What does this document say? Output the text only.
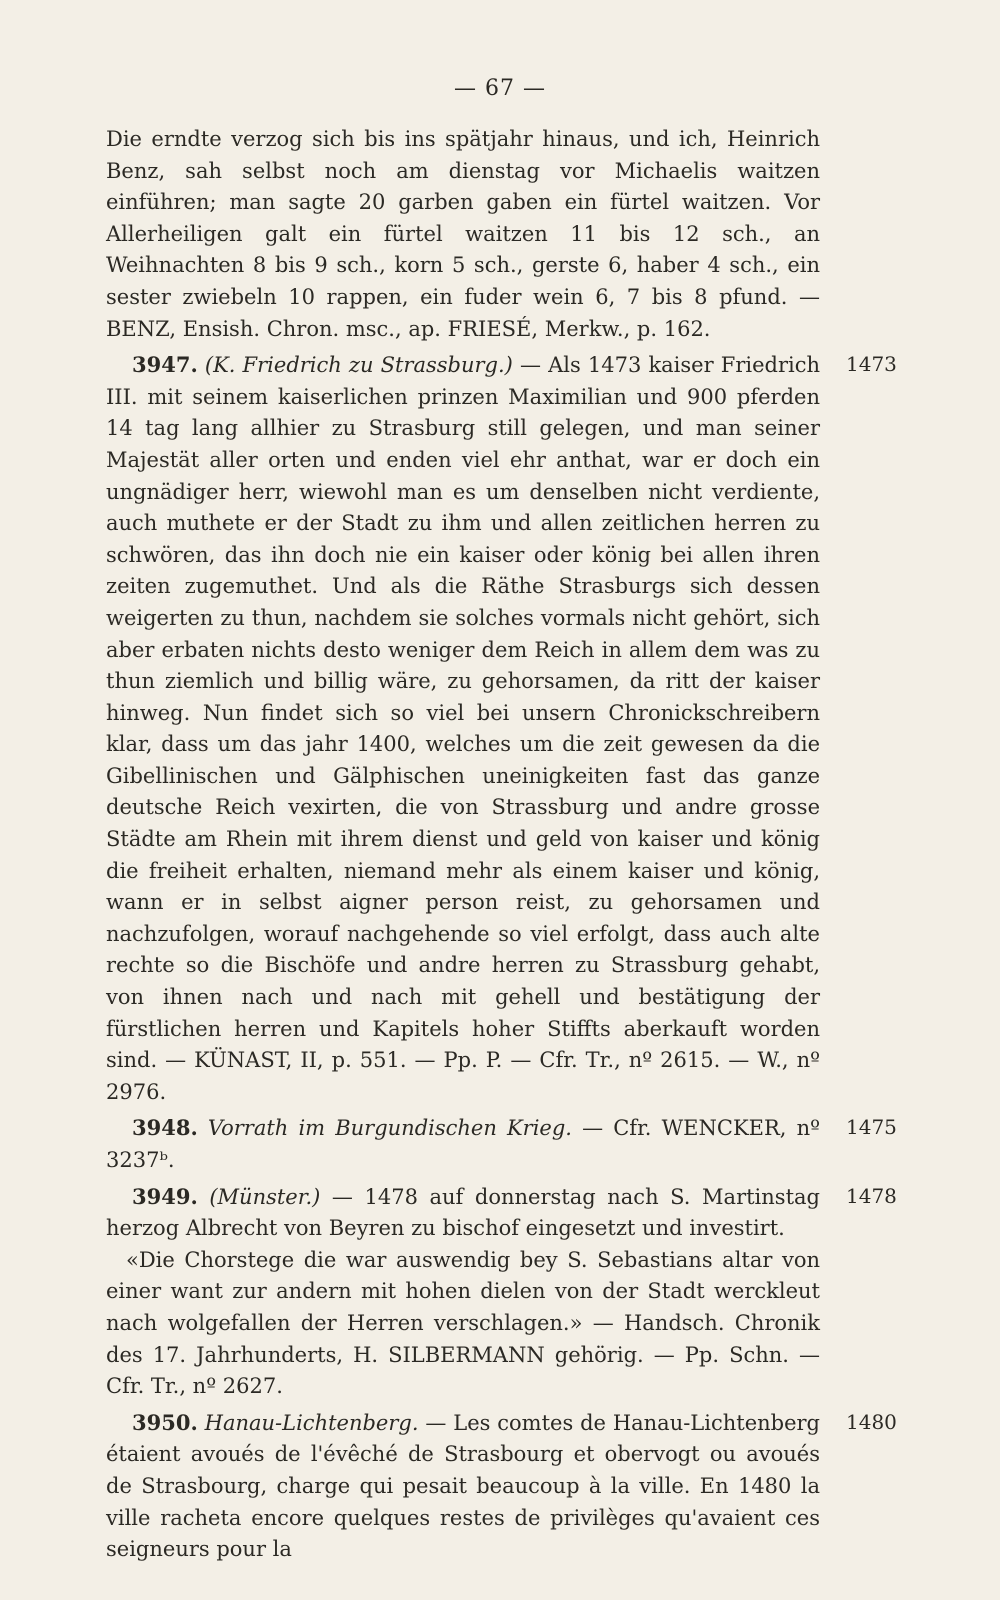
— 67 —

Die erndte verzog sich bis ins spätjahr hinaus, und ich, Heinrich Benz, sah selbst noch am dienstag vor Michaelis waitzen einführen; man sagte 20 garben gaben ein fürtel waitzen. Vor Allerheiligen galt ein fürtel waitzen 11 bis 12 sch., an Weihnachten 8 bis 9 sch., korn 5 sch., gerste 6, haber 4 sch., ein sester zwiebeln 10 rappen, ein fuder wein 6, 7 bis 8 pfund. — BENZ, Ensish. Chron. msc., ap. FRIESÉ, Merkw., p. 162.

1473

3947. (K. Friedrich zu Strassburg.) — Als 1473 kaiser Friedrich III. mit seinem kaiserlichen prinzen Maximilian und 900 pferden 14 tag lang allhier zu Strasburg still gelegen, und man seiner Majestät aller orten und enden viel ehr anthat, war er doch ein ungnädiger herr, wiewohl man es um denselben nicht verdiente, auch muthete er der Stadt zu ihm und allen zeitlichen herren zu schwören, das ihn doch nie ein kaiser oder könig bei allen ihren zeiten zugemuthet. Und als die Räthe Strasburgs sich dessen weigerten zu thun, nachdem sie solches vormals nicht gehört, sich aber erbaten nichts desto weniger dem Reich in allem dem was zu thun ziemlich und billig wäre, zu gehorsamen, da ritt der kaiser hinweg. Nun findet sich so viel bei unsern Chronickschreibern klar, dass um das jahr 1400, welches um die zeit gewesen da die Gibellinischen und Gälphischen uneinigkeiten fast das ganze deutsche Reich vexirten, die von Strassburg und andre grosse Städte am Rhein mit ihrem dienst und geld von kaiser und könig die freiheit erhalten, niemand mehr als einem kaiser und könig, wann er in selbst aigner person reist, zu gehorsamen und nachzufolgen, worauf nachgehende so viel erfolgt, dass auch alte rechte so die Bischöfe und andre herren zu Strassburg gehabt, von ihnen nach und nach mit gehell und bestätigung der fürstlichen herren und Kapitels hoher Stiffts aberkauft worden sind. — KÜNAST, II, p. 551. — Pp. P. — Cfr. Tr., nº 2615. — W., nº 2976.

1475

3948. Vorrath im Burgundischen Krieg. — Cfr. WENCKER, nº 3237ᵇ.

1478

3949. (Münster.) — 1478 auf donnerstag nach S. Martinstag herzog Albrecht von Beyren zu bischof eingesetzt und investirt.

«Die Chorstege die war auswendig bey S. Sebastians altar von einer want zur andern mit hohen dielen von der Stadt werckleut nach wolgefallen der Herren verschlagen.» — Handsch. Chronik des 17. Jahrhunderts, H. SILBERMANN gehörig. — Pp. Schn. — Cfr. Tr., nº 2627.

1480

3950. Hanau-Lichtenberg. — Les comtes de Hanau-Lichtenberg étaient avoués de l'évêché de Strasbourg et obervogt ou avoués de Strasbourg, charge qui pesait beaucoup à la ville. En 1480 la ville racheta encore quelques restes de privilèges qu'avaient ces seigneurs pour la
